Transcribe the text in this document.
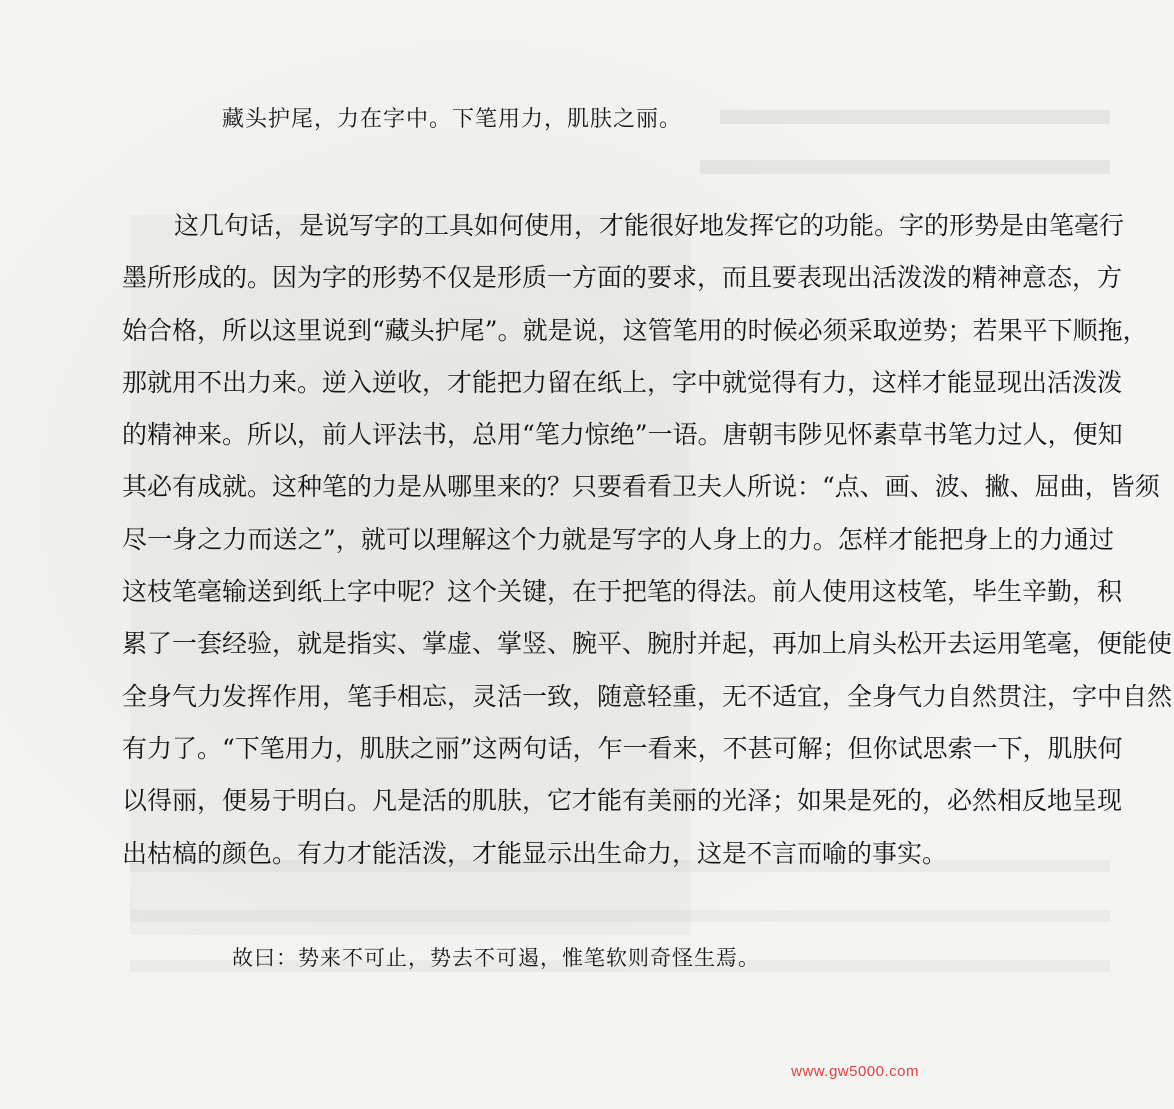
藏头护尾，力在字中。下笔用力，肌肤之丽。
这几句话，是说写字的工具如何使用，才能很好地发挥它的功能。字的形势是由笔毫行
墨所形成的。因为字的形势不仅是形质一方面的要求，而且要表现出活泼泼的精神意态，方
始合格，所以这里说到“藏头护尾”。就是说，这管笔用的时候必须采取逆势；若果平下顺拖，
那就用不出力来。逆入逆收，才能把力留在纸上，字中就觉得有力，这样才能显现出活泼泼
的精神来。所以，前人评法书，总用“笔力惊绝”一语。唐朝韦陟见怀素草书笔力过人，便知
其必有成就。这种笔的力是从哪里来的？只要看看卫夫人所说：“点、画、波、撇、屈曲，皆须
尽一身之力而送之”，就可以理解这个力就是写字的人身上的力。怎样才能把身上的力通过
这枝笔毫输送到纸上字中呢？这个关键，在于把笔的得法。前人使用这枝笔，毕生辛勤，积
累了一套经验，就是指实、掌虚、掌竖、腕平、腕肘并起，再加上肩头松开去运用笔毫，便能使
全身气力发挥作用，笔手相忘，灵活一致，随意轻重，无不适宜，全身气力自然贯注，字中自然
有力了。“下笔用力，肌肤之丽”这两句话，乍一看来，不甚可解；但你试思索一下，肌肤何
以得丽，便易于明白。凡是活的肌肤，它才能有美丽的光泽；如果是死的，必然相反地呈现
出枯槁的颜色。有力才能活泼，才能显示出生命力，这是不言而喻的事实。
故曰：势来不可止，势去不可遏，惟笔软则奇怪生焉。
www.gw5000.com
